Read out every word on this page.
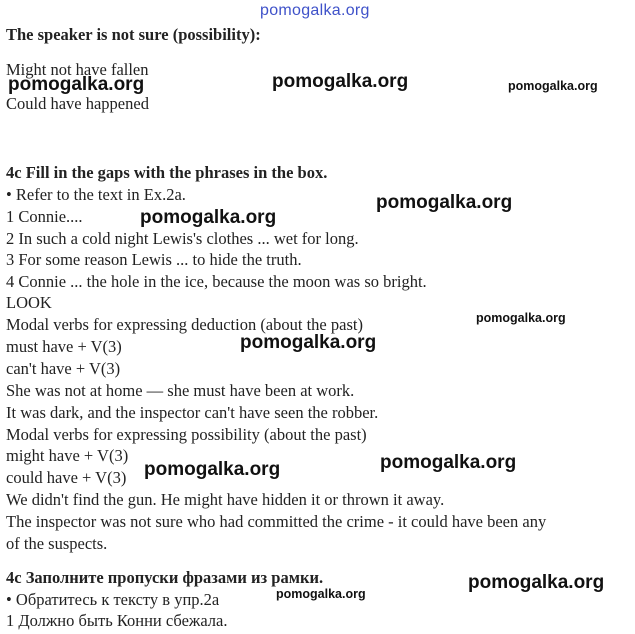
pomogalka.org

The speaker is not sure (possibility):

Might not have fallen

Could have happened

4c Fill in the gaps with the phrases in the box.

• Refer to the text in Ex.2a.

1 Connie....

2 In such a cold night Lewis's clothes ... wet for long.

3 For some reason Lewis ... to hide the truth.

4 Connie ... the hole in the ice, because the moon was so bright.

LOOK

Modal verbs for expressing deduction (about the past)

must have + V(3)

can't have + V(3)

She was not at home — she must have been at work.

It was dark, and the inspector can't have seen the robber.

Modal verbs for expressing possibility (about the past)

might have + V(3)

could have + V(3)

We didn't find the gun. He might have hidden it or thrown it away.

The inspector was not sure who had committed the crime - it could have been any

of the suspects.

4c Заполните пропуски фразами из рамки.

• Обратитесь к тексту в упр.2а

1 Должно быть Конни сбежала.

pomogalka.org	pomogalka.org	pomogalka.org
pomogalka.org
pomogalka.org
pomogalka.org
pomogalka.org
pomogalka.org	pomogalka.org
pomogalka.org
pomogalka.org
